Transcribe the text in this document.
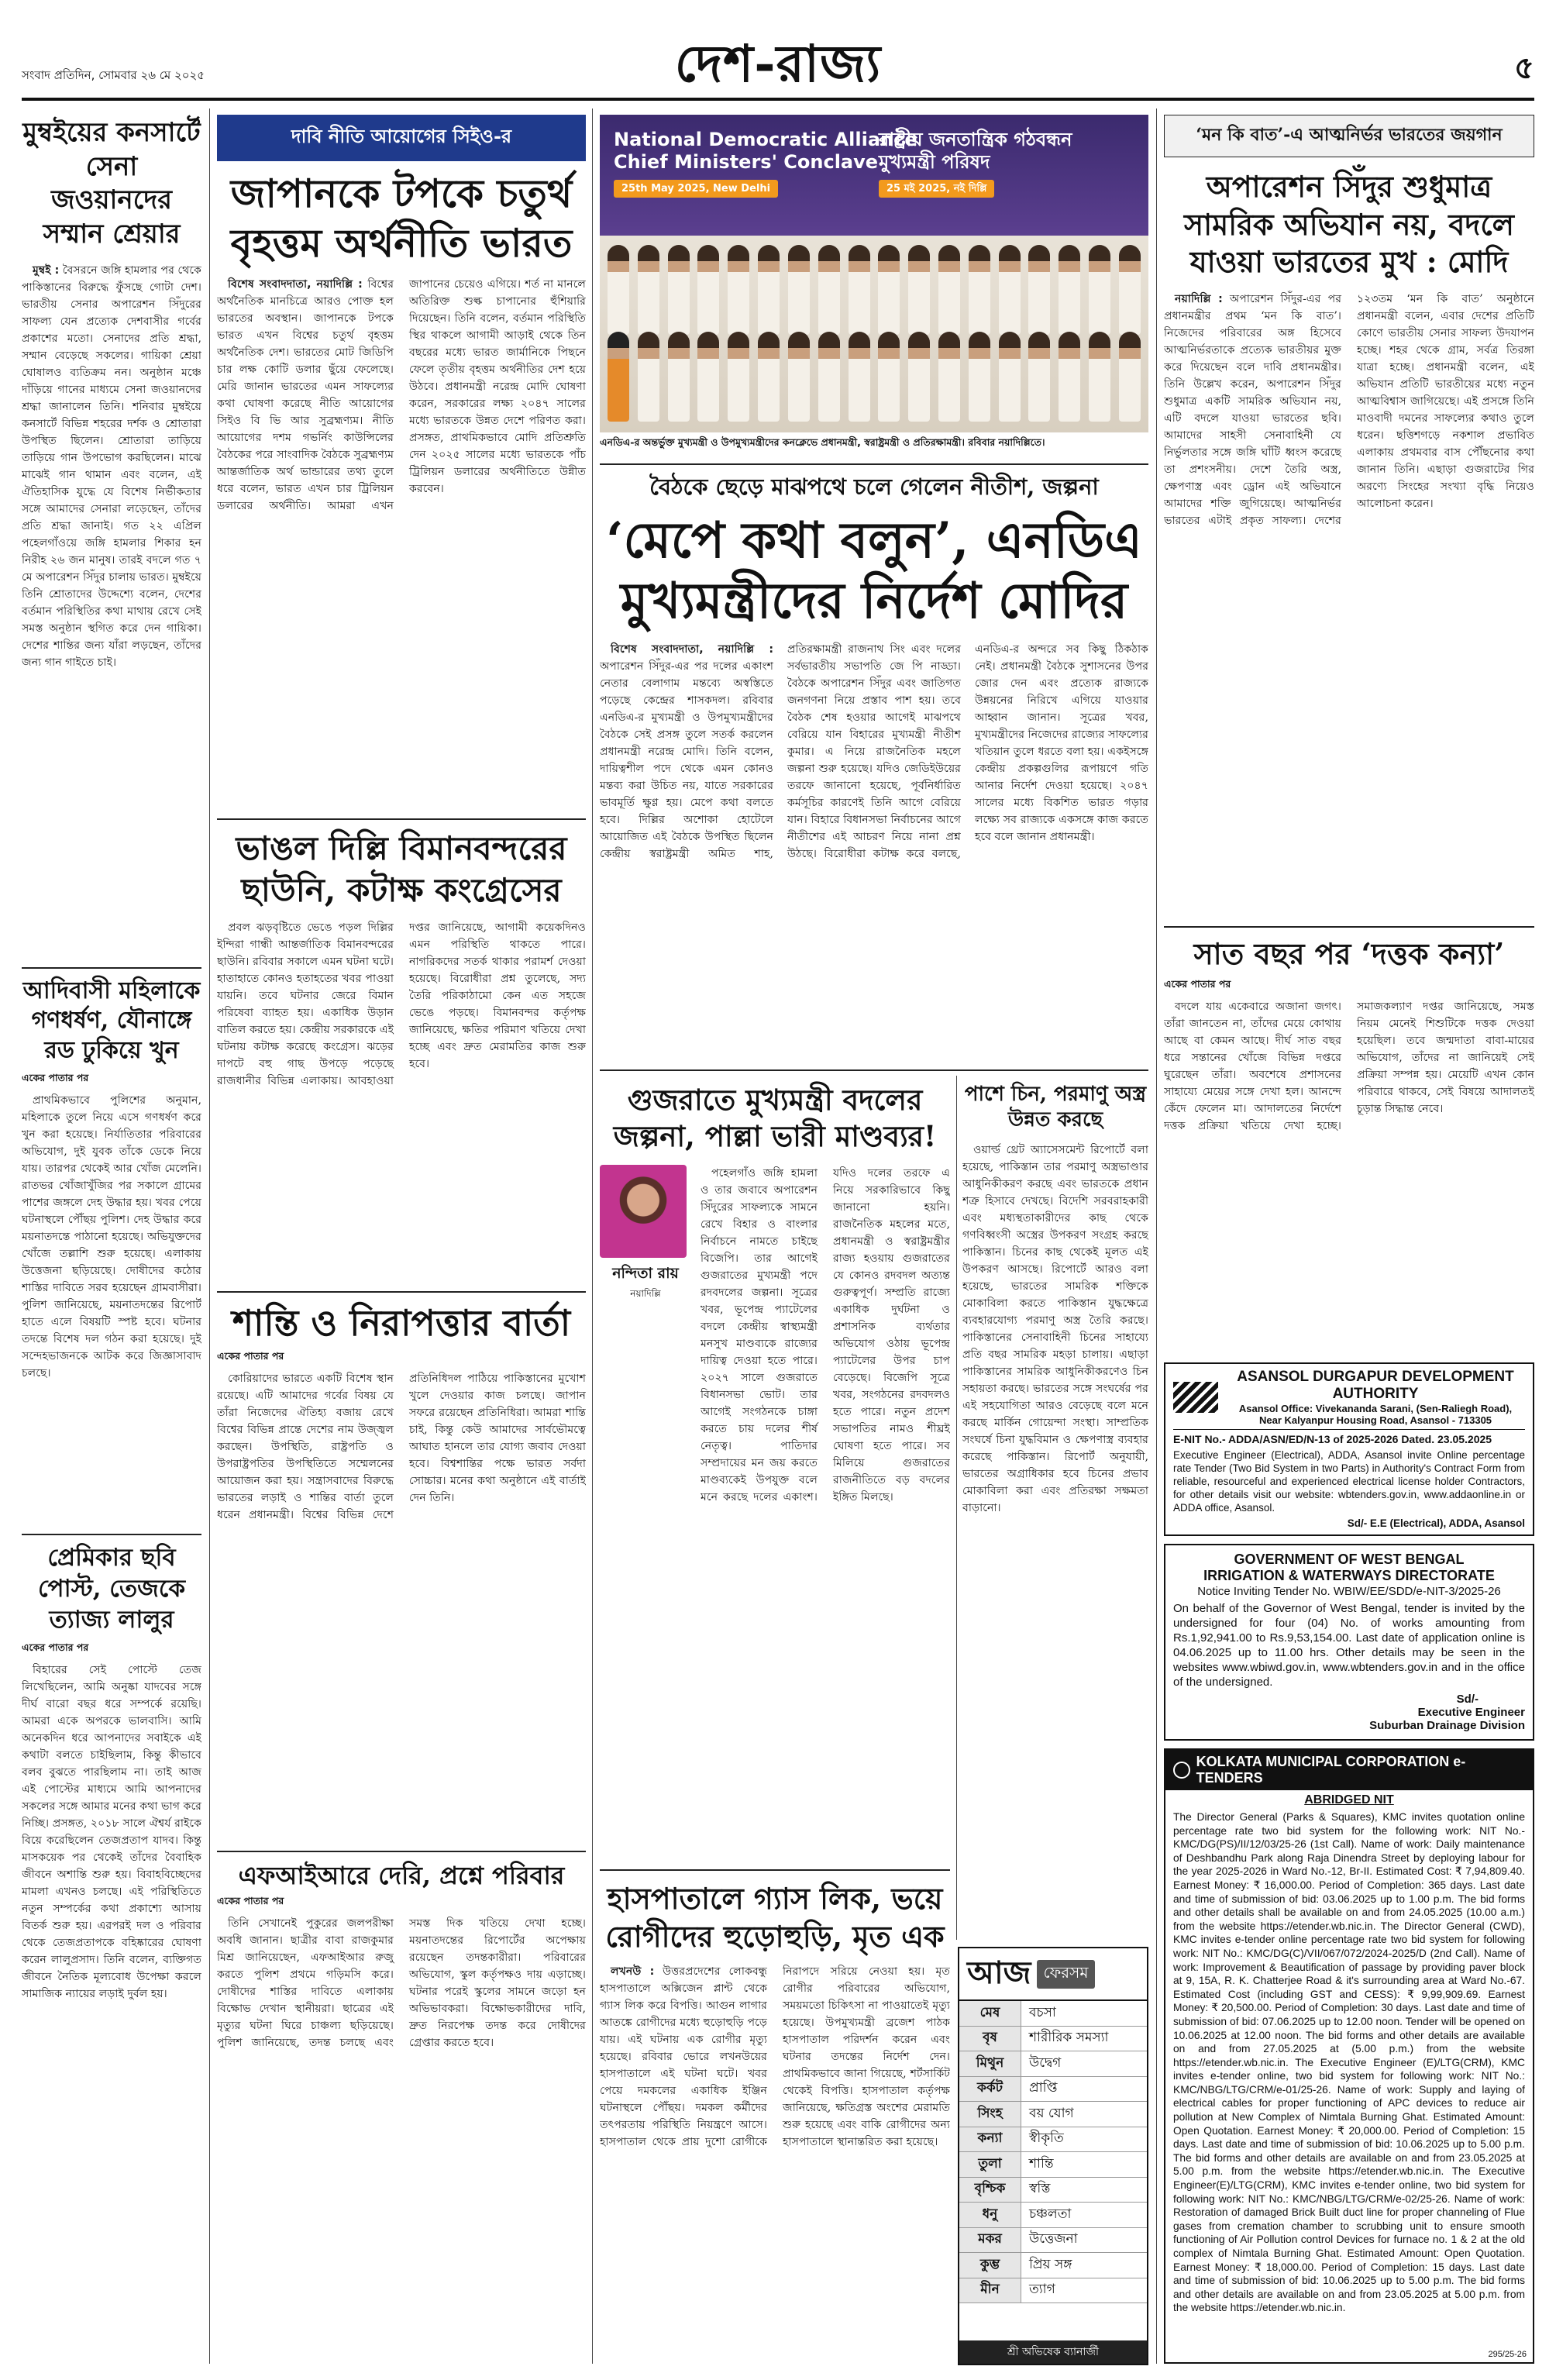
সংবাদ প্রতিদিন, সোমবার ২৬ মে ২০২৫	দেশ-রাজ্য	৫
মুম্বইয়ের কনসার্টে সেনা জওয়ানদের সম্মান শ্রেয়ার

মুম্বই : বৈসরনে জঙ্গি হামলার পর থেকে পাকিস্তানের বিরুদ্ধে ফুঁসছে গোটা দেশ। ভারতীয় সেনার অপারেশন সিঁদুরের সাফল্য যেন প্রত্যেক দেশবাসীর গর্বের প্রকাশের মতো। সেনাদের প্রতি শ্রদ্ধা, সম্মান বেড়েছে সকলের। গায়িকা শ্রেয়া ঘোষালও ব্যতিক্রম নন। অনুষ্ঠান মঞ্চে দাঁড়িয়ে গানের মাধ্যমে সেনা জওয়ানদের শ্রদ্ধা জানালেন তিনি। শনিবার মুম্বইয়ে কনসার্টে বিভিন্ন শহরের দর্শক ও শ্রোতারা উপস্থিত ছিলেন। শ্রোতারা তাড়িয়ে তাড়িয়ে গান উপভোগ করছিলেন। মাঝে মাঝেই গান থামান এবং বলেন, এই ঐতিহাসিক যুদ্ধে যে বিশেষ নির্ভীকতার সঙ্গে আমাদের সেনারা লড়েছেন, তাঁদের প্রতি শ্রদ্ধা জানাই। গত ২২ এপ্রিল পহেলগাঁওয়ে জঙ্গি হামলার শিকার হন নিরীহ ২৬ জন মানুষ। তারই বদলে গত ৭ মে অপারেশন সিঁদুর চালায় ভারত। মুম্বইয়ে তিনি শ্রোতাদের উদ্দেশ্যে বলেন, দেশের বর্তমান পরিস্থিতির কথা মাথায় রেখে সেই সমস্ত অনুষ্ঠান স্থগিত করে দেন গায়িকা। দেশের শান্তির জন্য যাঁরা লড়ছেন, তাঁদের জন্য গান গাইতে চাই।

আদিবাসী মহিলাকে গণধর্ষণ, যৌনাঙ্গে রড ঢুকিয়ে খুন
একের পাতার পর

প্রাথমিকভাবে পুলিশের অনুমান, মহিলাকে তুলে নিয়ে এসে গণধর্ষণ করে খুন করা হয়েছে। নির্যাতিতার পরিবারের অভিযোগ, দুই যুবক তাঁকে ডেকে নিয়ে যায়। তারপর থেকেই আর খোঁজ মেলেনি। রাতভর খোঁজাখুঁজির পর সকালে গ্রামের পাশের জঙ্গলে দেহ উদ্ধার হয়। খবর পেয়ে ঘটনাস্থলে পৌঁছয় পুলিশ। দেহ উদ্ধার করে ময়নাতদন্তে পাঠানো হয়েছে। অভিযুক্তদের খোঁজে তল্লাশি শুরু হয়েছে। এলাকায় উত্তেজনা ছড়িয়েছে। দোষীদের কঠোর শাস্তির দাবিতে সরব হয়েছেন গ্রামবাসীরা। পুলিশ জানিয়েছে, ময়নাতদন্তের রিপোর্ট হাতে এলে বিষয়টি স্পষ্ট হবে। ঘটনার তদন্তে বিশেষ দল গঠন করা হয়েছে। দুই সন্দেহভাজনকে আটক করে জিজ্ঞাসাবাদ চলছে।

প্রেমিকার ছবি পোস্ট, তেজকে ত্যাজ্য লালুর
একের পাতার পর

বিহারের সেই পোস্টে তেজ লিখেছিলেন, আমি অনুষ্কা যাদবের সঙ্গে দীর্ঘ বারো বছর ধরে সম্পর্কে রয়েছি। আমরা একে অপরকে ভালবাসি। আমি অনেকদিন ধরে আপনাদের সবাইকে এই কথাটা বলতে চাইছিলাম, কিন্তু কীভাবে বলব বুঝতে পারছিলাম না। তাই আজ এই পোস্টের মাধ্যমে আমি আপনাদের সকলের সঙ্গে আমার মনের কথা ভাগ করে নিচ্ছি। প্রসঙ্গত, ২০১৮ সালে ঐশ্বর্য রাইকে বিয়ে করেছিলেন তেজপ্রতাপ যাদব। কিন্তু মাসকয়েক পর থেকেই তাঁদের বৈবাহিক জীবনে অশান্তি শুরু হয়। বিবাহবিচ্ছেদের মামলা এখনও চলছে। এই পরিস্থিতিতে নতুন সম্পর্কের কথা প্রকাশ্যে আসায় বিতর্ক শুরু হয়। এরপরই দল ও পরিবার থেকে তেজপ্রতাপকে বহিষ্কারের ঘোষণা করেন লালুপ্রসাদ। তিনি বলেন, ব্যক্তিগত জীবনে নৈতিক মূল্যবোধ উপেক্ষা করলে সামাজিক ন্যায়ের লড়াই দুর্বল হয়।

দাবি নীতি আয়োগের সিইও-র
জাপানকে টপকে চতুর্থ বৃহত্তম অর্থনীতি ভারত

বিশেষ সংবাদদাতা, নয়াদিল্লি : বিশ্বের অর্থনৈতিক মানচিত্রে আরও পোক্ত হল ভারতের অবস্থান। জাপানকে টপকে ভারত এখন বিশ্বের চতুর্থ বৃহত্তম অর্থনৈতিক দেশ। ভারতের মোট জিডিপি চার লক্ষ কোটি ডলার ছুঁয়ে ফেলেছে। মেরি জানান ভারতের এমন সাফল্যের কথা ঘোষণা করেছে নীতি আয়োগের সিইও বি ভি আর সুব্রহ্মণ্যম। নীতি আয়োগের দশম গভর্নিং কাউন্সিলের বৈঠকের পরে সাংবাদিক বৈঠকে সুব্রহ্মণ্যম আন্তর্জাতিক অর্থ ভান্ডারের তথ্য তুলে ধরে বলেন, ভারত এখন চার ট্রিলিয়ন ডলারের অর্থনীতি। আমরা এখন জাপানের চেয়েও এগিয়ে। শর্ত না মানলে অতিরিক্ত শুল্ক চাপানোর হুঁশিয়ারি দিয়েছেন। তিনি বলেন, বর্তমান পরিস্থিতি স্থির থাকলে আগামী আড়াই থেকে তিন বছরের মধ্যে ভারত জার্মানিকে পিছনে ফেলে তৃতীয় বৃহত্তম অর্থনীতির দেশ হয়ে উঠবে। প্রধানমন্ত্রী নরেন্দ্র মোদি ঘোষণা করেন, সরকারের লক্ষ্য ২০৪৭ সালের মধ্যে ভারতকে উন্নত দেশে পরিণত করা। প্রসঙ্গত, প্রাথমিকভাবে মোদি প্রতিশ্রুতি দেন ২০২৫ সালের মধ্যে ভারতকে পাঁচ ট্রিলিয়ন ডলারের অর্থনীতিতে উন্নীত করবেন।

ভাঙল দিল্লি বিমানবন্দরের ছাউনি, কটাক্ষ কংগ্রেসের

প্রবল ঝড়বৃষ্টিতে ভেঙে পড়ল দিল্লির ইন্দিরা গান্ধী আন্তর্জাতিক বিমানবন্দরের ছাউনি। রবিবার সকালে এমন ঘটনা ঘটে। হাতাহাতে কোনও হতাহতের খবর পাওয়া যায়নি। তবে ঘটনার জেরে বিমান পরিষেবা ব্যাহত হয়। একাধিক উড়ান বাতিল করতে হয়। কেন্দ্রীয় সরকারকে এই ঘটনায় কটাক্ষ করেছে কংগ্রেস। ঝড়ের দাপটে বহু গাছ উপড়ে পড়েছে রাজধানীর বিভিন্ন এলাকায়। আবহাওয়া দপ্তর জানিয়েছে, আগামী কয়েকদিনও এমন পরিস্থিতি থাকতে পারে। নাগরিকদের সতর্ক থাকার পরামর্শ দেওয়া হয়েছে। বিরোধীরা প্রশ্ন তুলেছে, সদ্য তৈরি পরিকাঠামো কেন এত সহজে ভেঙে পড়ছে। বিমানবন্দর কর্তৃপক্ষ জানিয়েছে, ক্ষতির পরিমাণ খতিয়ে দেখা হচ্ছে এবং দ্রুত মেরামতির কাজ শুরু হবে।

শান্তি ও নিরাপত্তার বার্তা
একের পাতার পর

কোরিয়াদের ভারতে একটি বিশেষ স্থান রয়েছে। এটি আমাদের গর্বের বিষয় যে তাঁরা নিজেদের ঐতিহ্য বজায় রেখে বিশ্বের বিভিন্ন প্রান্তে দেশের নাম উজ্জ্বল করছেন। উপস্থিতি, রাষ্ট্রপতি ও উপরাষ্ট্রপতির উপস্থিতিতে সম্মেলনের আয়োজন করা হয়। সন্ত্রাসবাদের বিরুদ্ধে ভারতের লড়াই ও শান্তির বার্তা তুলে ধরেন প্রধানমন্ত্রী। বিশ্বের বিভিন্ন দেশে প্রতিনিধিদল পাঠিয়ে পাকিস্তানের মুখোশ খুলে দেওয়ার কাজ চলছে। জাপান সফরে রয়েছেন প্রতিনিধিরা। আমরা শান্তি চাই, কিন্তু কেউ আমাদের সার্বভৌমত্বে আঘাত হানলে তার যোগ্য জবাব দেওয়া হবে। বিশ্বশান্তির পক্ষে ভারত সর্বদা সোচ্চার। মনের কথা অনুষ্ঠানে এই বার্তাই দেন তিনি।

এফআইআরে দেরি, প্রশ্নে পরিবার
একের পাতার পর

তিনি সেখানেই পুকুরের জলপরীক্ষা অবধি জানান। ছাত্রীর বাবা রাজকুমার মিশ্র জানিয়েছেন, এফআইআর রুজু করতে পুলিশ প্রথমে গড়িমসি করে। দোষীদের শাস্তির দাবিতে এলাকায় বিক্ষোভ দেখান স্থানীয়রা। ছাত্রের এই মৃত্যুর ঘটনা ঘিরে চাঞ্চল্য ছড়িয়েছে। পুলিশ জানিয়েছে, তদন্ত চলছে এবং সমস্ত দিক খতিয়ে দেখা হচ্ছে। ময়নাতদন্তের রিপোর্টের অপেক্ষায় রয়েছেন তদন্তকারীরা। পরিবারের অভিযোগ, স্কুল কর্তৃপক্ষও দায় এড়াচ্ছে। ঘটনার পরেই স্কুলের সামনে জড়ো হন অভিভাবকরা। বিক্ষোভকারীদের দাবি, দ্রুত নিরপেক্ষ তদন্ত করে দোষীদের গ্রেপ্তার করতে হবে।

National Democratic Alliance
Chief Ministers' Conclave
25th May 2025, New Delhi
রাষ্ট্রীয় জনতান্ত্রিক গঠবন্ধন
মুখ্যমন্ত্রী পরিষদ
25 মই 2025, নই দিল্লি
এনডিএ-র অন্তর্ভুক্ত মুখ্যমন্ত্রী ও উপমুখ্যমন্ত্রীদের কনক্লেভে প্রধানমন্ত্রী, স্বরাষ্ট্রমন্ত্রী ও প্রতিরক্ষামন্ত্রী। রবিবার নয়াদিল্লিতে।
বৈঠকে ছেড়ে মাঝপথে চলে গেলেন নীতীশ, জল্পনা
‘মেপে কথা বলুন’, এনডিএ মুখ্যমন্ত্রীদের নির্দেশ মোদির

বিশেষ সংবাদদাতা, নয়াদিল্লি : অপারেশন সিঁদুর-এর পর দলের একাংশ নেতার বেলাগাম মন্তব্যে অস্বস্তিতে পড়েছে কেন্দ্রের শাসকদল। রবিবার এনডিএ-র মুখ্যমন্ত্রী ও উপমুখ্যমন্ত্রীদের বৈঠকে সেই প্রসঙ্গ তুলে সতর্ক করলেন প্রধানমন্ত্রী নরেন্দ্র মোদি। তিনি বলেন, দায়িত্বশীল পদে থেকে এমন কোনও মন্তব্য করা উচিত নয়, যাতে সরকারের ভাবমূর্তি ক্ষুণ্ণ হয়। মেপে কথা বলতে হবে। দিল্লির অশোকা হোটেলে আয়োজিত এই বৈঠকে উপস্থিত ছিলেন কেন্দ্রীয় স্বরাষ্ট্রমন্ত্রী অমিত শাহ, প্রতিরক্ষামন্ত্রী রাজনাথ সিং এবং দলের সর্বভারতীয় সভাপতি জে পি নাড্ডা। বৈঠকে অপারেশন সিঁদুর এবং জাতিগত জনগণনা নিয়ে প্রস্তাব পাশ হয়। তবে বৈঠক শেষ হওয়ার আগেই মাঝপথে বেরিয়ে যান বিহারের মুখ্যমন্ত্রী নীতীশ কুমার। এ নিয়ে রাজনৈতিক মহলে জল্পনা শুরু হয়েছে। যদিও জেডিইউয়ের তরফে জানানো হয়েছে, পূর্বনির্ধারিত কর্মসূচির কারণেই তিনি আগে বেরিয়ে যান। বিহারে বিধানসভা নির্বাচনের আগে নীতীশের এই আচরণ নিয়ে নানা প্রশ্ন উঠছে। বিরোধীরা কটাক্ষ করে বলছে, এনডিএ-র অন্দরে সব কিছু ঠিকঠাক নেই। প্রধানমন্ত্রী বৈঠকে সুশাসনের উপর জোর দেন এবং প্রত্যেক রাজ্যকে উন্নয়নের নিরিখে এগিয়ে যাওয়ার আহ্বান জানান। সূত্রের খবর, মুখ্যমন্ত্রীদের নিজেদের রাজ্যের সাফল্যের খতিয়ান তুলে ধরতে বলা হয়। একইসঙ্গে কেন্দ্রীয় প্রকল্পগুলির রূপায়ণে গতি আনার নির্দেশ দেওয়া হয়েছে। ২০৪৭ সালের মধ্যে বিকশিত ভারত গড়ার লক্ষ্যে সব রাজ্যকে একসঙ্গে কাজ করতে হবে বলে জানান প্রধানমন্ত্রী।

গুজরাতে মুখ্যমন্ত্রী বদলের জল্পনা, পাল্লা ভারী মাণ্ডব্যর!
নন্দিতা রায়
নয়াদিল্লি

পহেলগাঁও জঙ্গি হামলা ও তার জবাবে অপারেশন সিঁদুরের সাফল্যকে সামনে রেখে বিহার ও বাংলার নির্বাচনে নামতে চাইছে বিজেপি। তার আগেই গুজরাতের মুখ্যমন্ত্রী পদে রদবদলের জল্পনা। সূত্রের খবর, ভূপেন্দ্র প্যাটেলের বদলে কেন্দ্রীয় স্বাস্থ্যমন্ত্রী মনসুখ মাণ্ডব্যকে রাজ্যের দায়িত্ব দেওয়া হতে পারে। ২০২৭ সালে গুজরাতে বিধানসভা ভোট। তার আগেই সংগঠনকে চাঙ্গা করতে চায় দলের শীর্ষ নেতৃত্ব। পাতিদার সম্প্রদায়ের মন জয় করতে মাণ্ডব্যকেই উপযুক্ত বলে মনে করছে দলের একাংশ। যদিও দলের তরফে এ নিয়ে সরকারিভাবে কিছু জানানো হয়নি। রাজনৈতিক মহলের মতে, প্রধানমন্ত্রী ও স্বরাষ্ট্রমন্ত্রীর রাজ্য হওয়ায় গুজরাতের যে কোনও রদবদল অত্যন্ত গুরুত্বপূর্ণ। সম্প্রতি রাজ্যে একাধিক দুর্ঘটনা ও প্রশাসনিক ব্যর্থতার অভিযোগ ওঠায় ভূপেন্দ্র প্যাটেলের উপর চাপ বেড়েছে। বিজেপি সূত্রে খবর, সংগঠনের রদবদলও হতে পারে। নতুন প্রদেশ সভাপতির নামও শীঘ্রই ঘোষণা হতে পারে। সব মিলিয়ে গুজরাতের রাজনীতিতে বড় বদলের ইঙ্গিত মিলছে।

পাশে চিন, পরমাণু অস্ত্র উন্নত করছে

ওয়ার্ল্ড থ্রেট অ্যাসেসমেন্ট রিপোর্টে বলা হয়েছে, পাকিস্তান তার পরমাণু অস্ত্রভাণ্ডার আধুনিকীকরণ করছে এবং ভারতকে প্রধান শত্রু হিসাবে দেখছে। বিদেশি সরবরাহকারী এবং মধ্যস্থতাকারীদের কাছ থেকে গণবিধ্বংসী অস্ত্রের উপকরণ সংগ্রহ করছে পাকিস্তান। চিনের কাছ থেকেই মূলত এই উপকরণ আসছে। রিপোর্টে আরও বলা হয়েছে, ভারতের সামরিক শক্তিকে মোকাবিলা করতে পাকিস্তান যুদ্ধক্ষেত্রে ব্যবহারযোগ্য পরমাণু অস্ত্র তৈরি করছে। পাকিস্তানের সেনাবাহিনী চিনের সাহায্যে প্রতি বছর সামরিক মহড়া চালায়। এছাড়া পাকিস্তানের সামরিক আধুনিকীকরণেও চিন সহায়তা করছে। ভারতের সঙ্গে সংঘর্ষের পর এই সহযোগিতা আরও বেড়েছে বলে মনে করছে মার্কিন গোয়েন্দা সংস্থা। সাম্প্রতিক সংঘর্ষে চিনা যুদ্ধবিমান ও ক্ষেপণাস্ত্র ব্যবহার করেছে পাকিস্তান। রিপোর্ট অনুযায়ী, ভারতের অগ্রাধিকার হবে চিনের প্রভাব মোকাবিলা করা এবং প্রতিরক্ষা সক্ষমতা বাড়ানো।

হাসপাতালে গ্যাস লিক, ভয়ে রোগীদের হুড়োহুড়ি, মৃত এক

লখনউ : উত্তরপ্রদেশের লোকবন্ধু হাসপাতালে অক্সিজেন প্লান্ট থেকে গ্যাস লিক করে বিপত্তি। আগুন লাগার আতঙ্কে রোগীদের মধ্যে হুড়োহুড়ি পড়ে যায়। এই ঘটনায় এক রোগীর মৃত্যু হয়েছে। রবিবার ভোরে লখনউয়ের হাসপাতালে এই ঘটনা ঘটে। খবর পেয়ে দমকলের একাধিক ইঞ্জিন ঘটনাস্থলে পৌঁছয়। দমকল কর্মীদের তৎপরতায় পরিস্থিতি নিয়ন্ত্রণে আসে। হাসপাতাল থেকে প্রায় দুশো রোগীকে নিরাপদে সরিয়ে নেওয়া হয়। মৃত রোগীর পরিবারের অভিযোগ, সময়মতো চিকিৎসা না পাওয়াতেই মৃত্যু হয়েছে। উপমুখ্যমন্ত্রী ব্রজেশ পাঠক হাসপাতাল পরিদর্শন করেন এবং ঘটনার তদন্তের নির্দেশ দেন। প্রাথমিকভাবে জানা গিয়েছে, শর্টসার্কিট থেকেই বিপত্তি। হাসপাতাল কর্তৃপক্ষ জানিয়েছে, ক্ষতিগ্রস্ত অংশের মেরামতি শুরু হয়েছে এবং বাকি রোগীদের অন্য হাসপাতালে স্থানান্তরিত করা হয়েছে।

আজ ফেরসম
মেষ	বচসা
বৃষ	শারীরিক সমস্যা
মিথুন	উদ্বেগ
কর্কট	প্রাপ্তি
সিংহ	বয় যোগ
কন্যা	স্বীকৃতি
তুলা	শান্তি
বৃশ্চিক	স্বস্তি
ধনু	চঞ্চলতা
মকর	উত্তেজনা
কুম্ভ	প্রিয় সঙ্গ
মীন	ত্যাগ
শ্রী অভিষেক ব্যানার্জী
‘মন কি বাত’-এ আত্মনির্ভর ভারতের জয়গান
অপারেশন সিঁদুর শুধুমাত্র সামরিক অভিযান নয়, বদলে যাওয়া ভারতের মুখ : মোদি

নয়াদিল্লি : অপারেশন সিঁদুর-এর পর প্রধানমন্ত্রীর প্রথম ‘মন কি বাত’। নিজেদের পরিবারের অঙ্গ হিসেবে আত্মনির্ভরতাকে প্রত্যেক ভারতীয়র মুক্ত করে দিয়েছেন বলে দাবি প্রধানমন্ত্রীর। তিনি উল্লেখ করেন, অপারেশন সিঁদুর শুধুমাত্র একটি সামরিক অভিযান নয়, এটি বদলে যাওয়া ভারতের ছবি। আমাদের সাহসী সেনাবাহিনী যে নির্ভুলতার সঙ্গে জঙ্গি ঘাঁটি ধ্বংস করেছে তা প্রশংসনীয়। দেশে তৈরি অস্ত্র, ক্ষেপণাস্ত্র এবং ড্রোন এই অভিযানে আমাদের শক্তি জুগিয়েছে। আত্মনির্ভর ভারতের এটাই প্রকৃত সাফল্য। দেশের ১২৩তম ‘মন কি বাত’ অনুষ্ঠানে প্রধানমন্ত্রী বলেন, এবার দেশের প্রতিটি কোণে ভারতীয় সেনার সাফল্য উদযাপন হচ্ছে। শহর থেকে গ্রাম, সর্বত্র তিরঙ্গা যাত্রা হচ্ছে। প্রধানমন্ত্রী বলেন, এই অভিযান প্রতিটি ভারতীয়ের মধ্যে নতুন আত্মবিশ্বাস জাগিয়েছে। এই প্রসঙ্গে তিনি মাওবাদী দমনের সাফল্যের কথাও তুলে ধরেন। ছত্তিশগড়ে নকশাল প্রভাবিত এলাকায় প্রথমবার বাস পৌঁছনোর কথা জানান তিনি। এছাড়া গুজরাটের গির অরণ্যে সিংহের সংখ্যা বৃদ্ধি নিয়েও আলোচনা করেন।

সাত বছর পর ‘দত্তক কন্যা’
একের পাতার পর

বদলে যায় একেবারে অজানা জগৎ। তাঁরা জানতেন না, তাঁদের মেয়ে কোথায় আছে বা কেমন আছে। দীর্ঘ সাত বছর ধরে সন্তানের খোঁজে বিভিন্ন দপ্তরে ঘুরেছেন তাঁরা। অবশেষে প্রশাসনের সাহায্যে মেয়ের সঙ্গে দেখা হল। আনন্দে কেঁদে ফেলেন মা। আদালতের নির্দেশে দত্তক প্রক্রিয়া খতিয়ে দেখা হচ্ছে। সমাজকল্যাণ দপ্তর জানিয়েছে, সমস্ত নিয়ম মেনেই শিশুটিকে দত্তক দেওয়া হয়েছিল। তবে জন্মদাতা বাবা-মায়ের অভিযোগ, তাঁদের না জানিয়েই সেই প্রক্রিয়া সম্পন্ন হয়। মেয়েটি এখন কোন পরিবারে থাকবে, সেই বিষয়ে আদালতই চূড়ান্ত সিদ্ধান্ত নেবে।

ASANSOL DURGAPUR DEVELOPMENT AUTHORITY
Asansol Office: Vivekananda Sarani, (Sen-Raliegh Road),
Near Kalyanpur Housing Road, Asansol - 713305
E-NIT No.- ADDA/ASN/ED/N-13 of 2025-2026 Dated. 23.05.2025
Executive Engineer (Electrical), ADDA, Asansol invite Online percentage rate Tender (Two Bid System in two Parts) in Authority's Contract Form from reliable, resourceful and experienced electrical license holder Contractors, for other details visit our website: wbtenders.gov.in, www.addaonline.in or ADDA office, Asansol.
Sd/- E.E (Electrical), ADDA, Asansol
GOVERNMENT OF WEST BENGAL
IRRIGATION & WATERWAYS DIRECTORATE
Notice Inviting Tender No. WBIW/EE/SDD/e-NIT-3/2025-26
On behalf of the Governor of West Bengal, tender is invited by the undersigned for four (04) No. of works amounting from Rs.1,92,941.00 to Rs.9,53,154.00. Last date of application online is 04.06.2025 up to 11.00 hrs. Other details may be seen in the websites www.wbiwd.gov.in, www.wbtenders.gov.in and in the office of the undersigned.
Sd/-
Executive Engineer
Suburban Drainage Division
KOLKATA MUNICIPAL CORPORATION e-TENDERS
ABRIDGED NIT
The Director General (Parks & Squares), KMC invites quotation online percentage rate two bid system for the following work: NIT No.- KMC/DG(PS)/II/12/03/25-26 (1st Call). Name of work: Daily maintenance of Deshbandhu Park along Raja Dinendra Street by deploying labour for the year 2025-2026 in Ward No.-12, Br-II. Estimated Cost: ₹ 7,94,809.40. Earnest Money: ₹ 16,000.00. Period of Completion: 365 days. Last date and time of submission of bid: 03.06.2025 up to 1.00 p.m. The bid forms and other details shall be available on and from 24.05.2025 (10.00 a.m.) from the website https://etender.wb.nic.in. The Director General (CWD), KMC invites e-tender online percentage rate two bid system for following work: NIT No.: KMC/DG(C)/VII/067/072/2024-2025/D (2nd Call). Name of work: Improvement & Beautification of passage by providing paver block at 9, 15A, R. K. Chatterjee Road & it's surrounding area at Ward No.-67. Estimated Cost (including GST and CESS): ₹ 9,99,909.69. Earnest Money: ₹ 20,500.00. Period of Completion: 30 days. Last date and time of submission of bid: 07.06.2025 up to 12.00 noon. Tender will be opened on 10.06.2025 at 12.00 noon. The bid forms and other details are available on and from 27.05.2025 at (5.00 p.m.) from the website https://etender.wb.nic.in. The Executive Engineer (E)/LTG(CRM), KMC invites e-tender online, two bid system for following work: NIT No.: KMC/NBG/LTG/CRM/e-01/25-26. Name of work: Supply and laying of electrical cables for proper functioning of APC devices to reduce air pollution at New Complex of Nimtala Burning Ghat. Estimated Amount: Open Quotation. Earnest Money: ₹ 20,000.00. Period of Completion: 15 days. Last date and time of submission of bid: 10.06.2025 up to 5.00 p.m. The bid forms and other details are available on and from 23.05.2025 at 5.00 p.m. from the website https://etender.wb.nic.in. The Executive Engineer(E)/LTG(CRM), KMC invites e-tender online, two bid system for following work: NIT No.: KMC/NBG/LTG/CRM/e-02/25-26. Name of work: Restoration of damaged Brick Built duct line for proper channeling of Flue gases from cremation chamber to scrubbing unit to ensure smooth functioning of Air Pollution control Devices for furnace no. 1 & 2 at the old complex of Nimtala Burning Ghat. Estimated Amount: Open Quotation. Earnest Money: ₹ 18,000.00. Period of Completion: 15 days. Last date and time of submission of bid: 10.06.2025 up to 5.00 p.m. The bid forms and other details are available on and from 23.05.2025 at 5.00 p.m. from the website https://etender.wb.nic.in.
295/25-26
